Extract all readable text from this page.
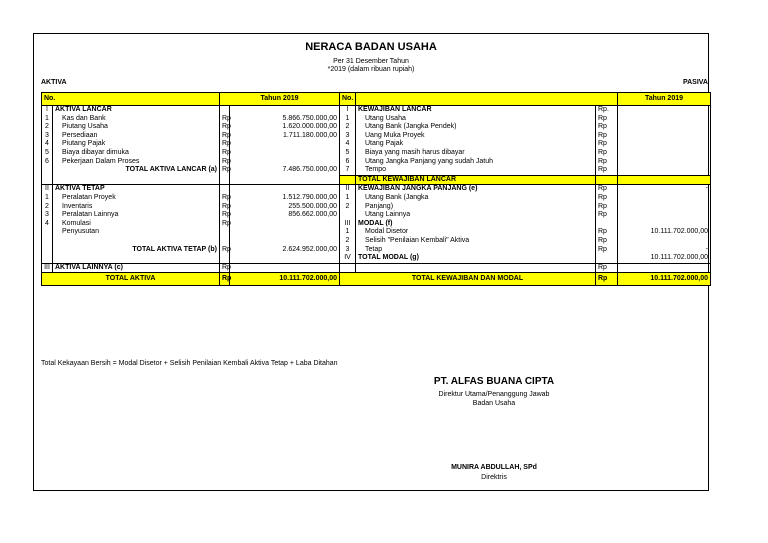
NERACA BADAN USAHA
Per 31 Desember Tahun
*2019 (dalam ribuan rupiah)
AKTIVA	PASIVA
No.		Tahun 2019		No.			Tahun 2019
I	AKTIVA LANCAR			I	KEWAJIBAN LANCAR	Rp.	
1	Kas dan Bank	Rp	5.866.750.000,00	1	Utang Usaha	Rp	
2	Piutang Usaha	Rp	1.620.000.000,00	2	Utang Bank (Jangka Pendek)	Rp	
3	Persediaan	Rp	1.711.180.000,00	3	Uang Muka Proyek	Rp	
4	Piutang Pajak	Rp		4	Utang Pajak	Rp	
5	Biaya dibayar dimuka	Rp		5	Biaya yang masih harus dibayar	Rp	
6	Pekerjaan Dalam Proses	Rp		6	Utang Jangka Panjang yang sudah Jatuh	Rp	
	TOTAL AKTIVA LANCAR (a)	Rp	7.486.750.000,00	7	Tempo	Rp	
					TOTAL KEWAJIBAN LANCAR		
II	AKTIVA TETAP			II	KEWAJIBAN JANGKA PANJANG (e)	Rp	-
1	Peralatan Proyek	Rp	1.512.790.000,00	1	Utang Bank (Jangka	Rp	
2	Inventaris	Rp	255.500.000,00	2	Panjang)	Rp	
3	Peralatan Lainnya	Rp	856.662.000,00		Utang Lainnya	Rp	
4	Komulasi	Rp		III	MODAL (f)		
	Penyusutan			1	Modal Disetor	Rp	10.111.702.000,00
				2	Selisih "Penilaian Kembali" Aktiva	Rp	
	TOTAL AKTIVA TETAP (b)	Rp	2.624.952.000,00	3	Tetap	Rp	-
				IV	TOTAL MODAL (g)		10.111.702.000,00
III	AKTIVA LAINNYA (c)	Rp				Rp	
TOTAL AKTIVA		Rp	10.111.702.000,00	TOTAL KEWAJIBAN DAN MODAL		Rp	10.111.702.000,00
Total Kekayaan Bersih = Modal Disetor + Selisih Penilaian Kembali Aktiva Tetap + Laba Ditahan
PT. ALFAS BUANA CIPTA
Direktur Utama/Penanggung Jawab
Badan Usaha
MUNIRA ABDULLAH, SPd
Direktris
